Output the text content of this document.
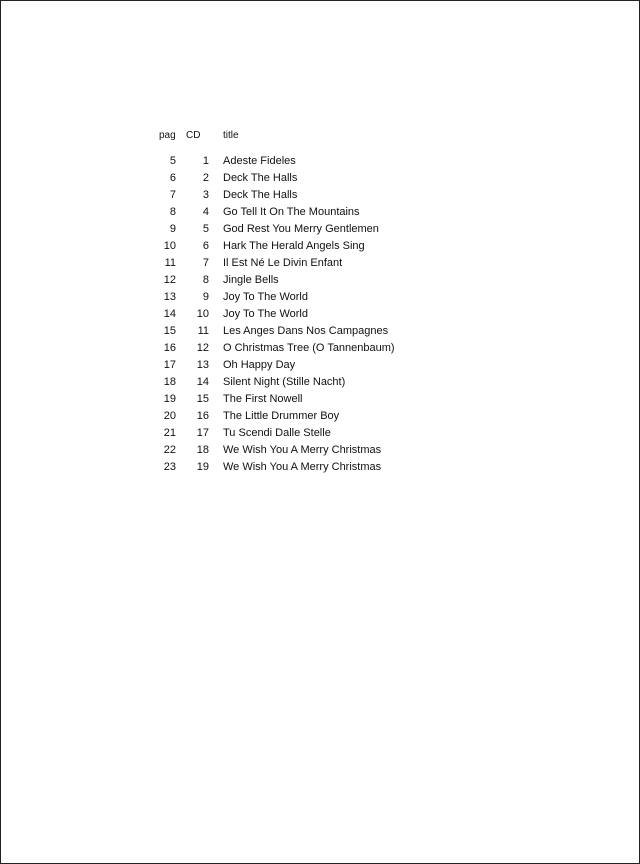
pag	CD	title
5	1	Adeste Fideles
6	2	Deck The Halls
7	3	Deck The Halls
8	4	Go Tell It On The Mountains
9	5	God Rest You Merry Gentlemen
10	6	Hark The Herald Angels Sing
11	7	Il Est Né Le Divin Enfant
12	8	Jingle Bells
13	9	Joy To The World
14	10	Joy To The World
15	11	Les Anges Dans Nos Campagnes
16	12	O Christmas Tree (O Tannenbaum)
17	13	Oh Happy Day
18	14	Silent Night (Stille Nacht)
19	15	The First Nowell
20	16	The Little Drummer Boy
21	17	Tu Scendi Dalle Stelle
22	18	We Wish You A Merry Christmas
23	19	We Wish You A Merry Christmas
